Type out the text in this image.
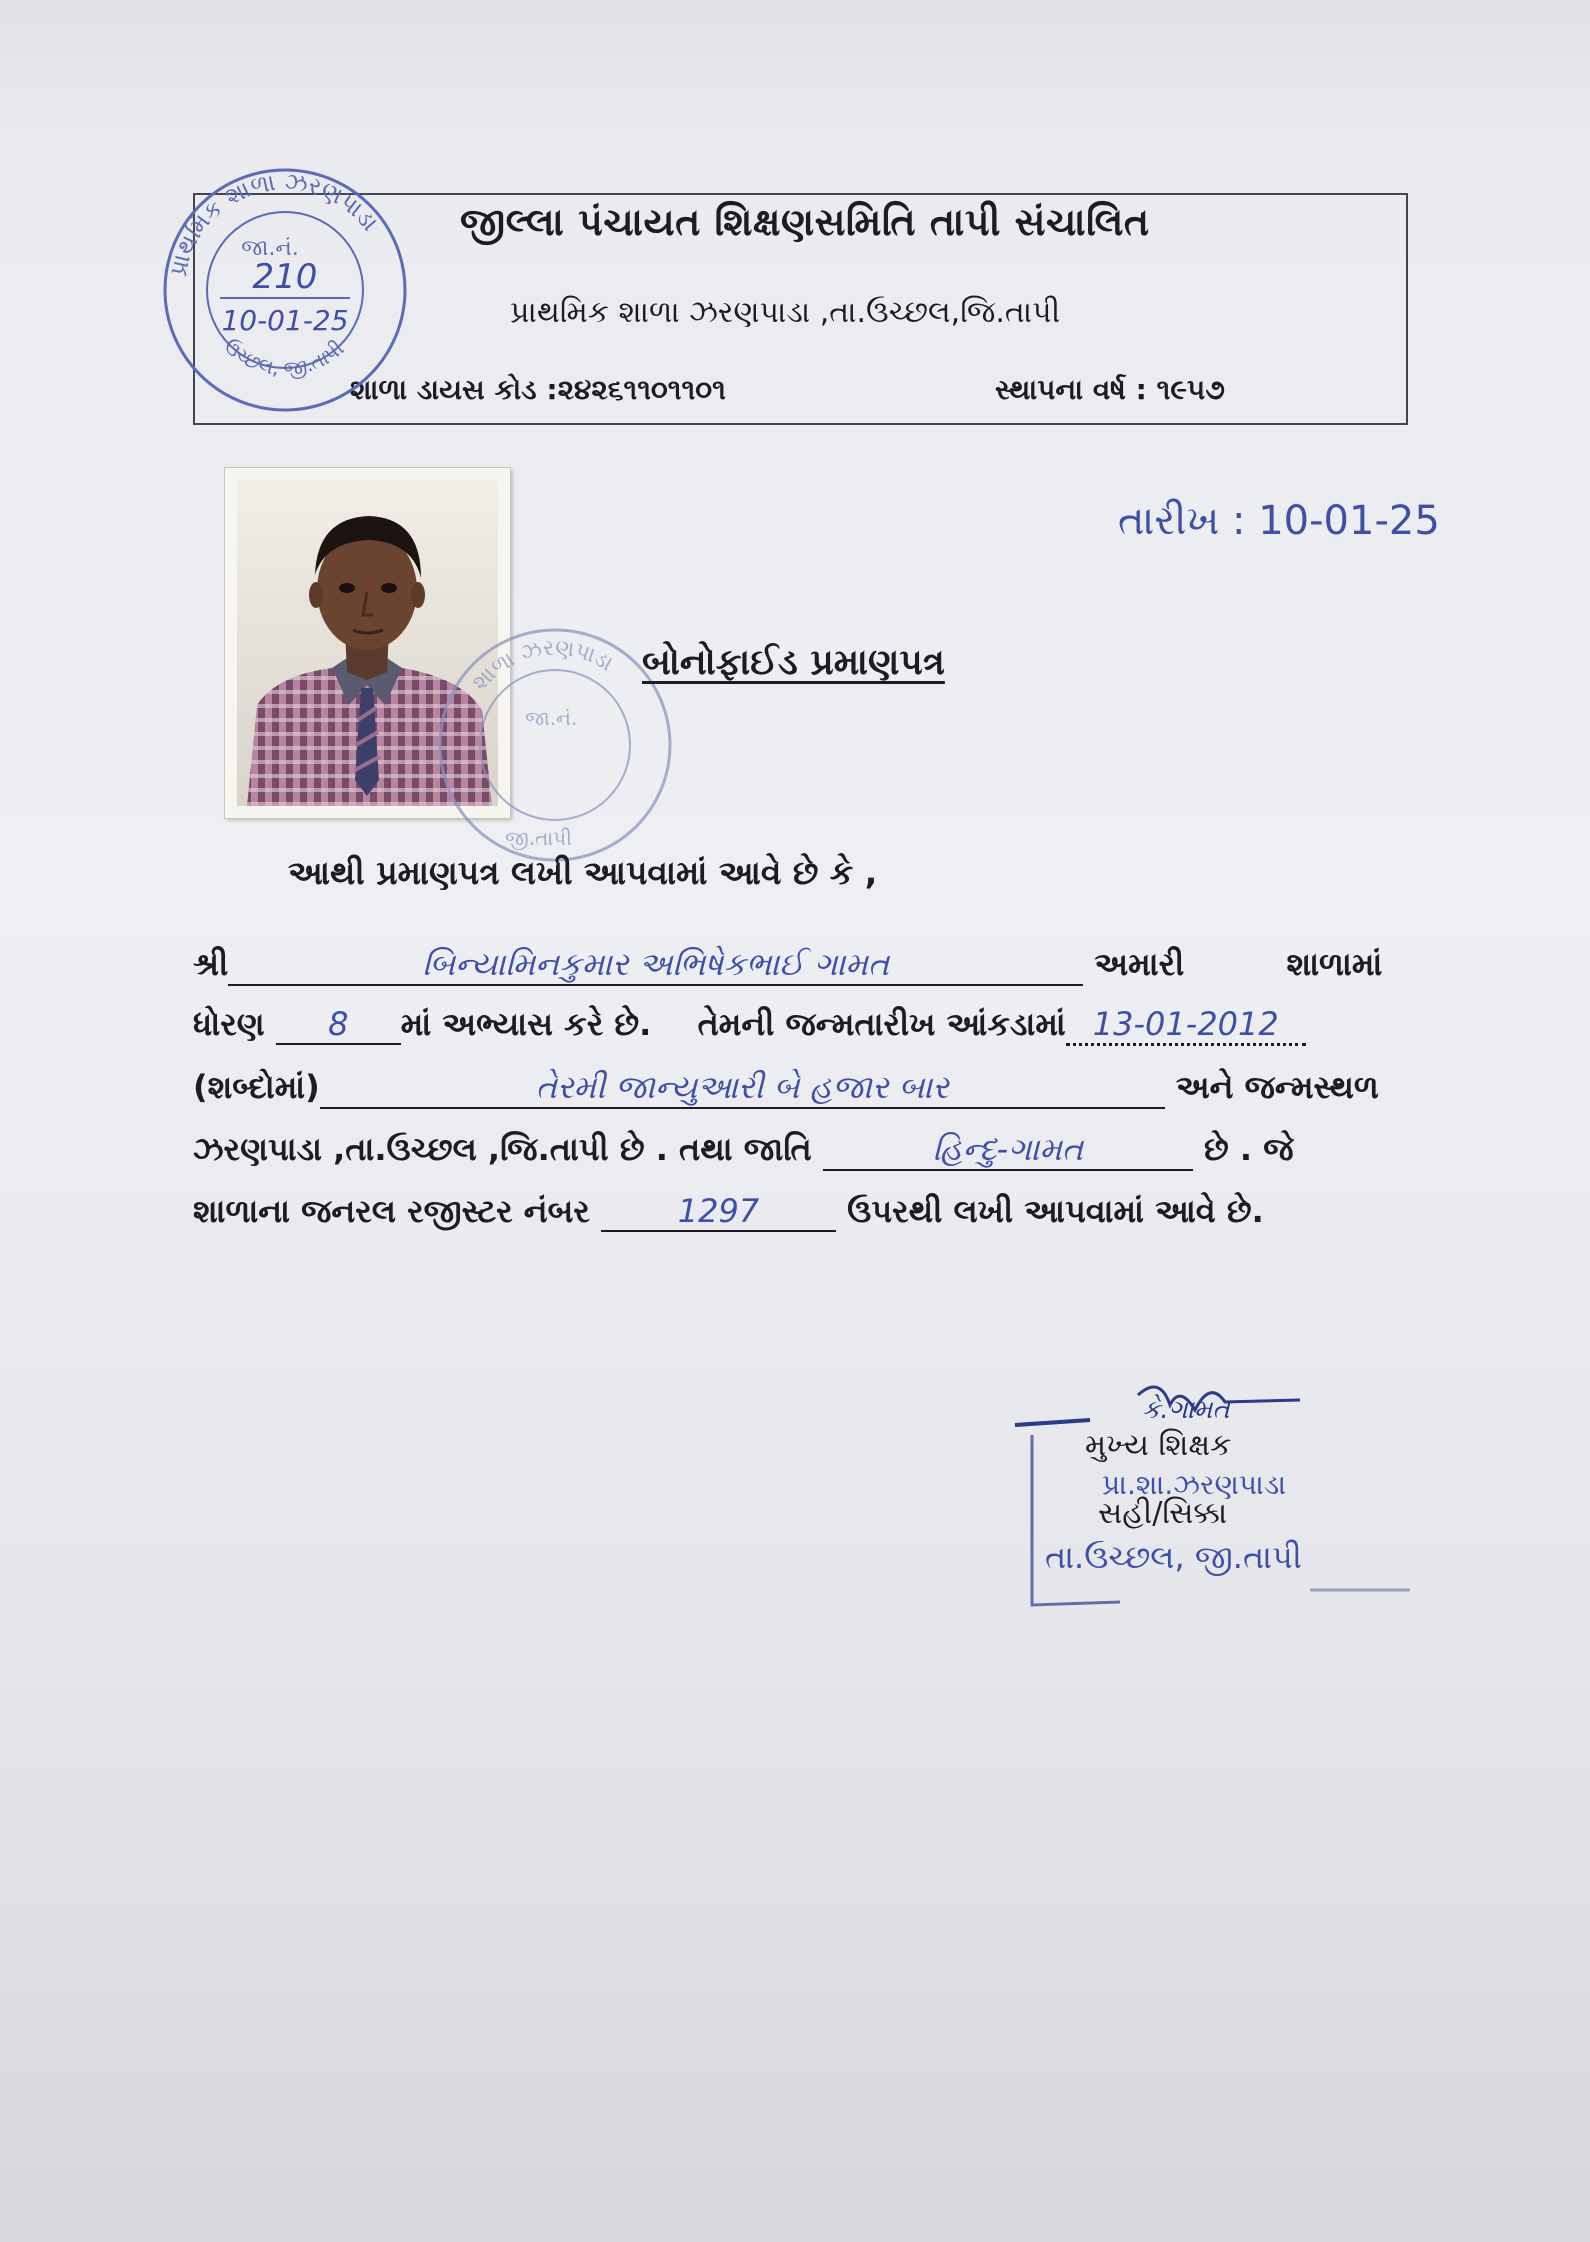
જીલ્લા પંચાયત શિક્ષણસમિતિ તાપી સંચાલિત
પ્રાથમિક શાળા ઝરણપાડા ,તા.ઉચ્છલ,જિ.તાપી
શાળા ડાયસ કોડ :૨૪૨૬૧૧૦૧૧૦૧	સ્થાપના વર્ષ : ૧૯૫૭
પ્રાથમિક શાળા ઝરણપાડા
ઉચ્છલ, જી.તાપી
જા.નં.
210
10-01-25
શાળા ઝરણપાડા
જા.નં.
જી.તાપી
તારીખ : 10-01-25
બોનોફાઈડ પ્રમાણપત્ર
આથી પ્રમાણપત્ર લખી આપવામાં આવે છે કે ,
શ્રી	બિન્યામિનકુમાર અભિષેકભાઈ ગામત	અમારી	શાળામાં
ધોરણ 8 માં અભ્યાસ કરે છે. તેમની જન્મતારીખ આંકડામાં 13-01-2012
(શબ્દોમાં)	તેરમી જાન્યુઆરી બે હજાર બાર	અને જન્મસ્થળ
ઝરણપાડા ,તા.ઉચ્છલ ,જિ.તાપી છે . તથા જાતિ	હિન્દુ-ગામત	છે . જે
શાળાના જનરલ રજીસ્ટર નંબર	1297	ઉપરથી લખી આપવામાં આવે છે.
કે.ગામત
મુખ્ય શિક્ષક
સહી/સિક્કા
તા.ઉચ્છલ, જી.તાપી
પ્રા.શા.ઝરણપાડા
